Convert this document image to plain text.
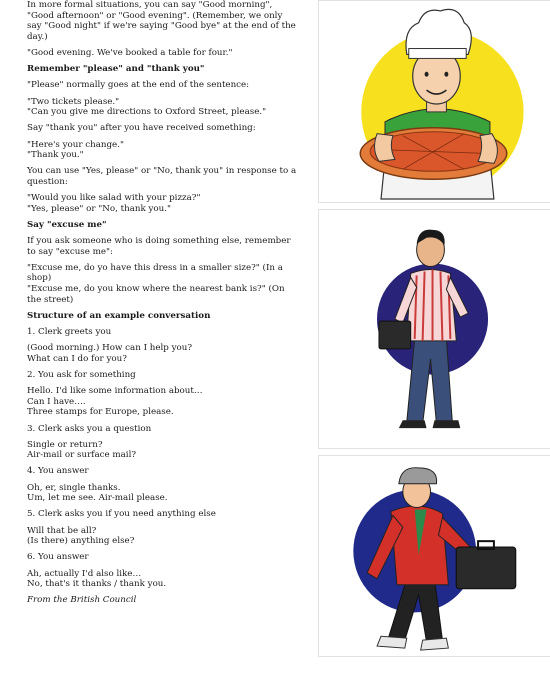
In more formal situations, you can say "Good morning", "Good afternoon" or "Good evening". (Remember, we only say "Good night" if we're saying "Good bye" at the end of the day.)

"Good evening. We've booked a table for four."

Remember "please" and "thank you"

"Please" normally goes at the end of the sentence:

"Two tickets please."
"Can you give me directions to Oxford Street, please."

Say "thank you" after you have received something:

"Here's your change."
"Thank you."

You can use "Yes, please" or "No, thank you" in response to a question:

"Would you like salad with your pizza?"
"Yes, please" or "No, thank you."

Say "excuse me"

If you ask someone who is doing something else, remember to say "excuse me":

"Excuse me, do yo have this dress in a smaller size?" (In a shop)
"Excuse me, do you know where the nearest bank is?" (On the street)

Structure of an example conversation

1. Clerk greets you

(Good morning.) How can I help you?
What can I do for you?

2. You ask for something

Hello. I'd like some information about…
Can I have….
Three stamps for Europe, please.

3. Clerk asks you a question

Single or return?
Air-mail or surface mail?

4. You answer

Oh, er, single thanks.
Um, let me see. Air-mail please.

5. Clerk asks you if you need anything else

Will that be all?
(Is there) anything else?

6. You answer

Ah, actually I'd also like…
No, that's it thanks / thank you.

From the British Council
